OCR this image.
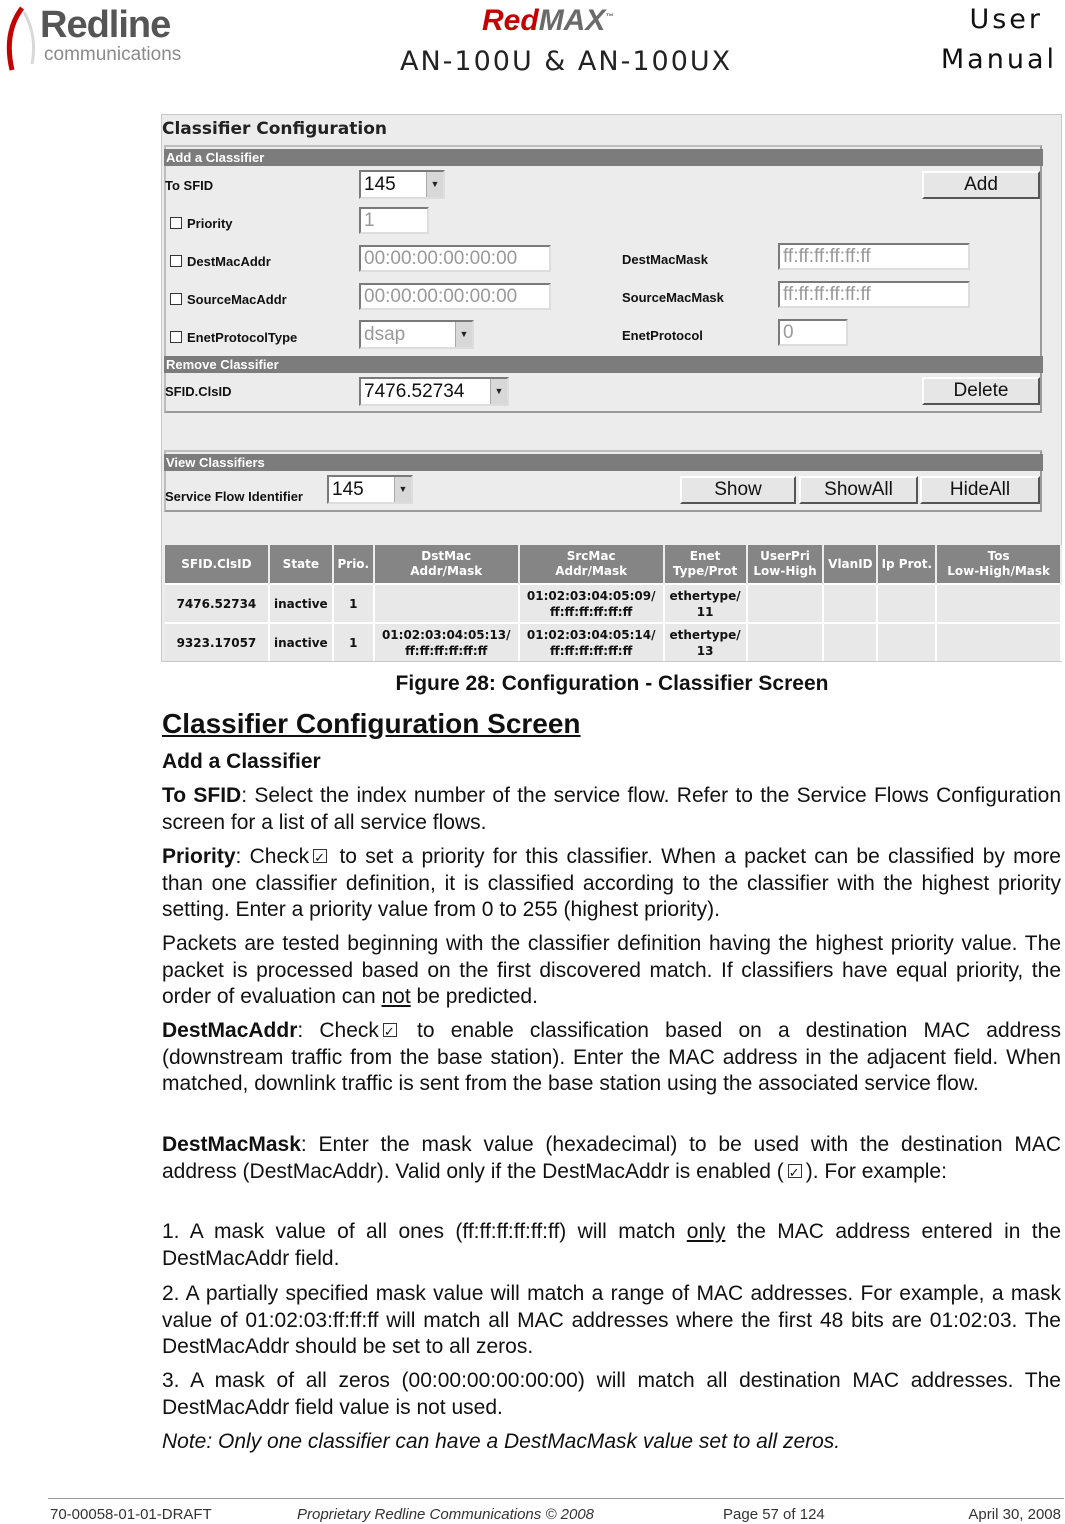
Redline
communications
RedMAX™
AN-100U & AN-100UX
User
Manual
Classifier Configuration
Add a Classifier
To SFID	145	▼	Add
Priority	1
DestMacAddr	00:00:00:00:00:00	DestMacMask	ff:ff:ff:ff:ff:ff
SourceMacAddr	00:00:00:00:00:00	SourceMacMask	ff:ff:ff:ff:ff:ff
EnetProtocolType	dsap	▼	EnetProtocol	0
Remove Classifier
SFID.ClsID	7476.52734	▼	Delete
View Classifiers
Service Flow Identifier 145	▼	Show	ShowAll	HideAll
SFID.ClsID	State	Prio.

DstMac
Addr/Mask

SrcMac
Addr/Mask

Enet
Type/Prot

UserPri
Low-High

VlanID	Ip Prot.

Tos
Low-High/Mask

7476.52734	inactive	1

01:02:03:04:05:09/
ff:ff:ff:ff:ff:ff

ethertype/
11

9323.17057	inactive	1

01:02:03:04:05:13/
ff:ff:ff:ff:ff:ff

01:02:03:04:05:14/
ff:ff:ff:ff:ff:ff

ethertype/
13

Figure 28: Configuration - Classifier Screen
Classifier Configuration Screen
Add a Classifier
To SFID: Select the index number of the service flow. Refer to the Service Flows Configuration screen for a list of all service flows.
Priority: Check✓ to set a priority for this classifier. When a packet can be classified by more than one classifier definition, it is classified according to the classifier with the highest priority setting. Enter a priority value from 0 to 255 (highest priority).
Packets are tested beginning with the classifier definition having the highest priority value. The packet is processed based on the first discovered match. If classifiers have equal priority, the order of evaluation can not be predicted.
DestMacAddr: Check✓ to enable classification based on a destination MAC address (downstream traffic from the base station). Enter the MAC address in the adjacent field. When matched, downlink traffic is sent from the base station using the associated service flow.
DestMacMask: Enter the mask value (hexadecimal) to be used with the destination MAC address (DestMacAddr). Valid only if the DestMacAddr is enabled (✓ ). For example:
1. A mask value of all ones (ff:ff:ff:ff:ff:ff) will match only the MAC address entered in the DestMacAddr field.
2. A partially specified mask value will match a range of MAC addresses. For example, a mask value of 01:02:03:ff:ff:ff will match all MAC addresses where the first 48 bits are 01:02:03. The DestMacAddr should be set to all zeros.
3. A mask of all zeros (00:00:00:00:00:00) will match all destination MAC addresses. The DestMacAddr field value is not used.
Note: Only one classifier can have a DestMacMask value set to all zeros.
70-00058-01-01-DRAFT	Proprietary Redline Communications © 2008	Page 57 of 124	April 30, 2008
